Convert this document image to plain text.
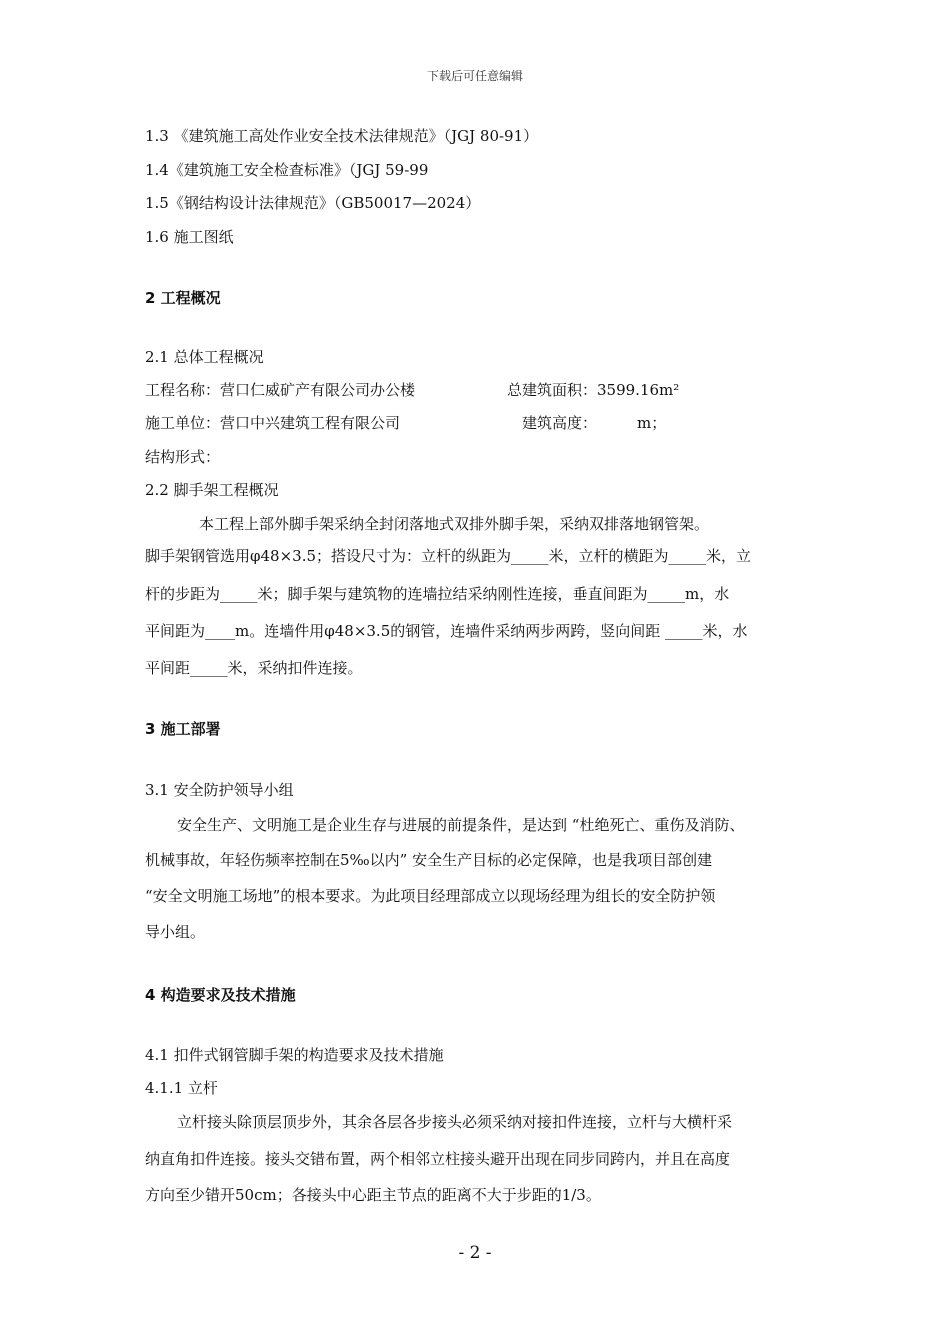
下载后可任意编辑
1.3 《建筑施工高处作业安全技术法律规范》（JGJ 80-91）
1.4《建筑施工安全检查标准》（JGJ 59-99
1.5《钢结构设计法律规范》（GB50017—2024）
1.6 施工图纸
2 工程概况
2.1 总体工程概况
工程名称：营口仁威矿产有限公司办公楼	总建筑面积：3599.16m²
施工单位：营口中兴建筑工程有限公司	建筑高度：	m；
结构形式：
2.2 脚手架工程概况
本工程上部外脚手架采纳全封闭落地式双排外脚手架，采纳双排落地钢管架。
脚手架钢管选用φ48×3.5；搭设尺寸为：立杆的纵距为_____米，立杆的横距为_____米，立
杆的步距为_____米；脚手架与建筑物的连墙拉结采纳刚性连接，垂直间距为_____m，水
平间距为____m。连墙件用φ48×3.5的钢管，连墙件采纳两步两跨，竖向间距 _____米，水
平间距_____米，采纳扣件连接。
3 施工部署
3.1 安全防护领导小组
安全生产、文明施工是企业生存与进展的前提条件，是达到 “杜绝死亡、重伤及消防、
机械事故，年轻伤频率控制在5‰以内” 安全生产目标的必定保障，也是我项目部创建
“安全文明施工场地”的根本要求。为此项目经理部成立以现场经理为组长的安全防护领
导小组。
4 构造要求及技术措施
4.1 扣件式钢管脚手架的构造要求及技术措施
4.1.1 立杆
立杆接头除顶层顶步外，其余各层各步接头必须采纳对接扣件连接，立杆与大横杆采
纳直角扣件连接。接头交错布置，两个相邻立柱接头避开出现在同步同跨内，并且在高度
方向至少错开50cm；各接头中心距主节点的距离不大于步距的1/3。
- 2 -
